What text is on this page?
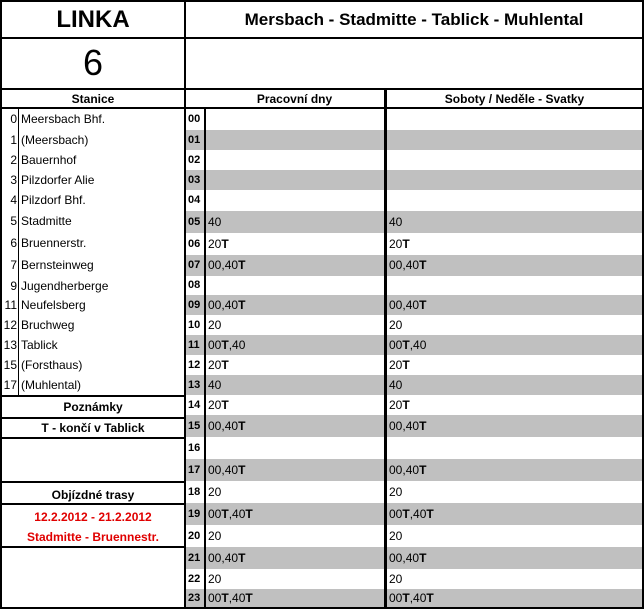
LINKA
6
Mersbach - Stadmitte - Tablick - Muhlental
Stanice	Pracovní dny	Soboty / Neděle - Svatky
0 Meersbach Bhf.
1 (Meersbach)
2 Bauernhof
3 Pilzdorfer Alie
4 Pilzdorf Bhf.
5 Stadmitte
6 Bruennerstr.
7 Bernsteinweg
9 Jugendherberge
11 Neufelsberg
12 Bruchweg
13 Tablick
15 (Forsthaus)
17 (Muhlental)
Poznámky
T - končí v Tablick
Objízdné trasy
12.2.2012 - 21.2.2012
Stadmitte - Bruennestr.
00
01
02
03
04
05 40	40
06 20T	20T
07 00,40T	00,40T
08
09 00,40T	00,40T
10 20	20
11 00T,40	00T,40
12 20T	20T
13 40	40
14 20T	20T
15 00,40T	00,40T
16
17 00,40T	00,40T
18 20	20
19 00T,40T	00T,40T
20 20	20
21 00,40T	00,40T
22 20	20
23 00T,40T	00T,40T
